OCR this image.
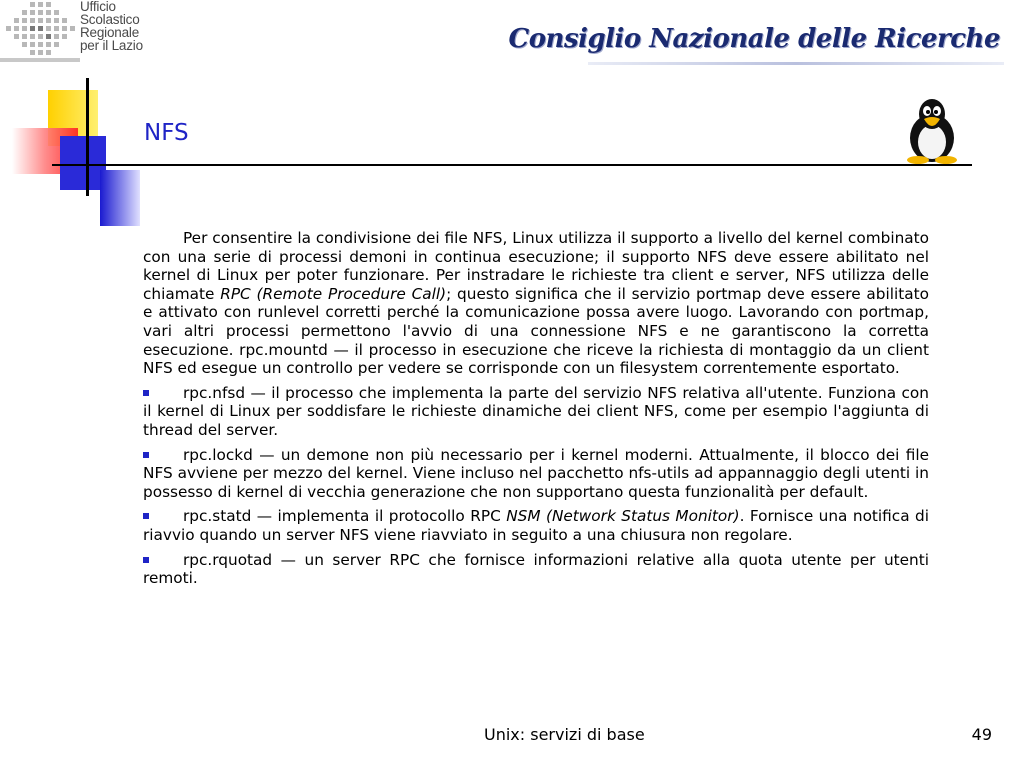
Ufficio
Scolastico
Regionale
per il Lazio	Consiglio Nazionale delle Ricerche
NFS

Per consentire la condivisione dei file NFS, Linux utilizza il supporto a livello del kernel combinato con una serie di processi demoni in continua esecuzione; il supporto NFS deve essere abilitato nel kernel di Linux per poter funzionare. Per instradare le richieste tra client e server, NFS utilizza delle chiamate RPC (Remote Procedure Call); questo significa che il servizio portmap deve essere abilitato e attivato con runlevel corretti perché la comunicazione possa avere luogo. Lavorando con portmap, vari altri processi permettono l'avvio di una connessione NFS e ne garantiscono la corretta esecuzione. rpc.mountd — il processo in esecuzione che riceve la richiesta di montaggio da un client NFS ed esegue un controllo per vedere se corrisponde con un filesystem correntemente esportato.

rpc.nfsd — il processo che implementa la parte del servizio NFS relativa all'utente. Funziona con il kernel di Linux per soddisfare le richieste dinamiche dei client NFS, come per esempio l'aggiunta di thread del server.

rpc.lockd — un demone non più necessario per i kernel moderni. Attualmente, il blocco dei file NFS avviene per mezzo del kernel. Viene incluso nel pacchetto nfs-utils ad appannaggio degli utenti in possesso di kernel di vecchia generazione che non supportano questa funzionalità per default.

rpc.statd — implementa il protocollo RPC NSM (Network Status Monitor). Fornisce una notifica di riavvio quando un server NFS viene riavviato in seguito a una chiusura non regolare.

rpc.rquotad — un server RPC che fornisce informazioni relative alla quota utente per utenti remoti.

Unix: servizi di base	49
